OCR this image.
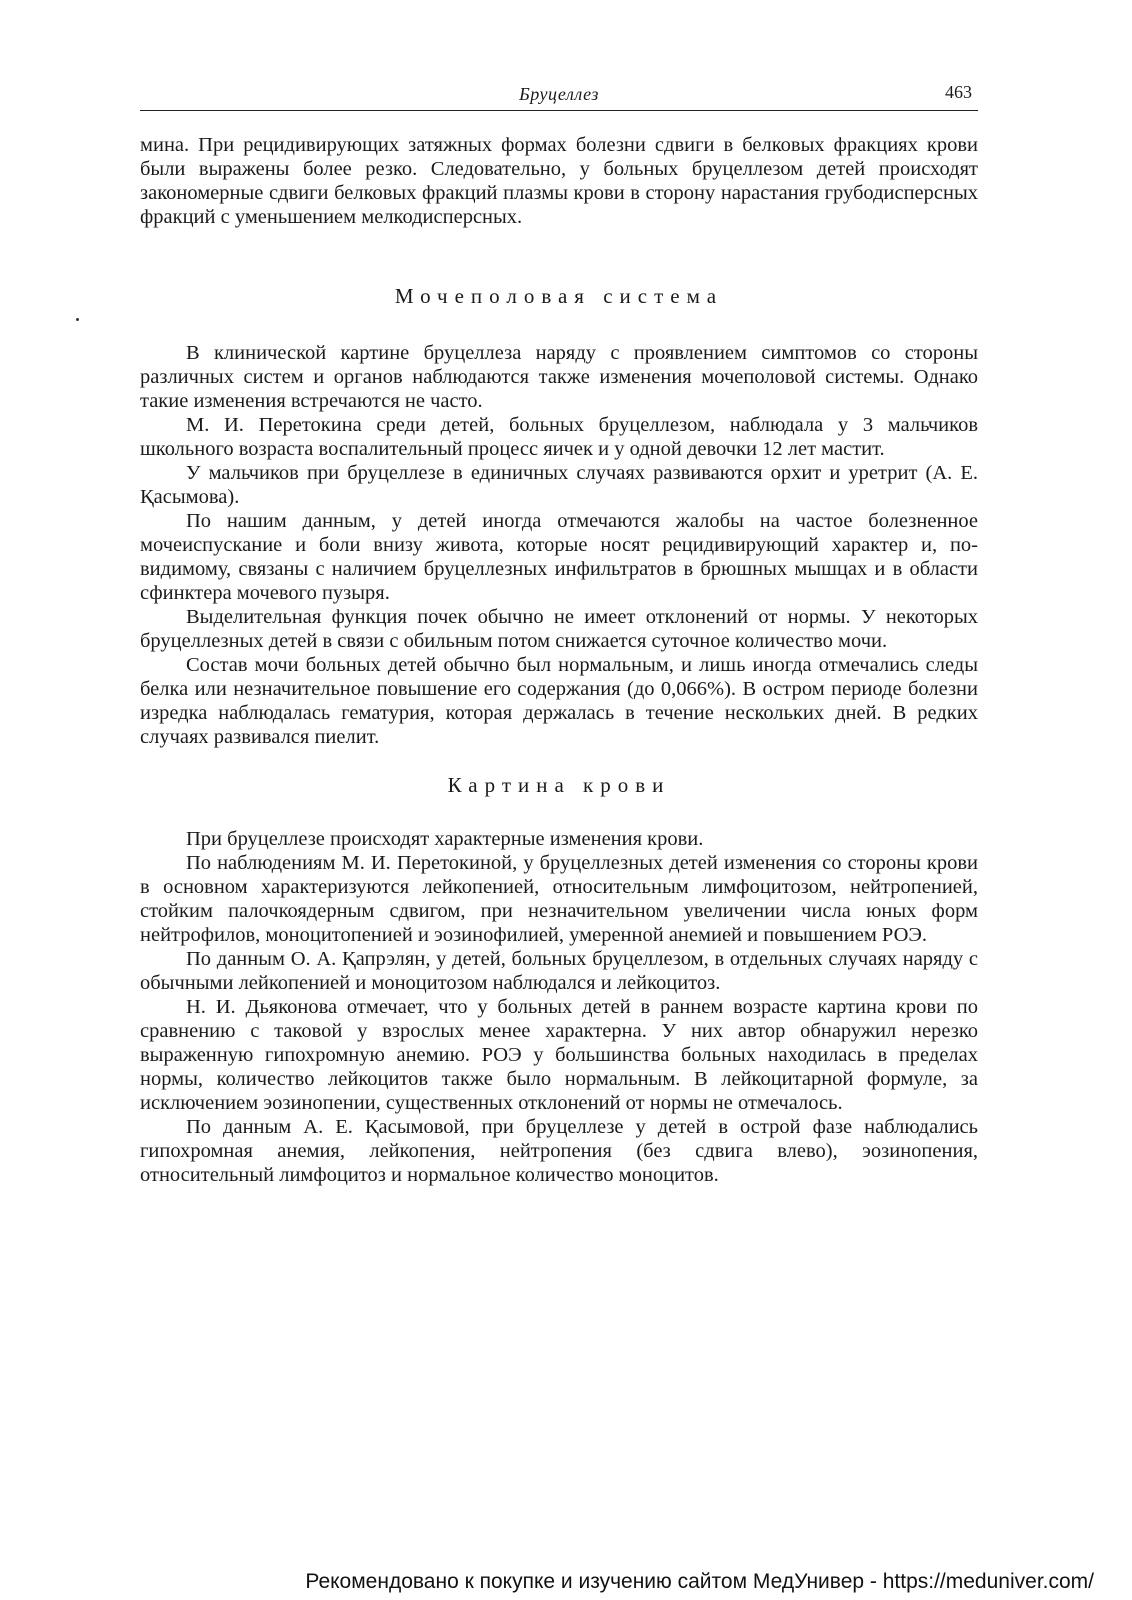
Бруцеллез	463

мина. При рецидивирующих затяжных формах болезни сдвиги в белковых фракциях крови были выражены более резко. Следовательно, у больных бруцеллезом детей происходят закономерные сдвиги белковых фракций плазмы крови в сторону нарастания грубодисперсных фракций с уменьшением мелкодисперсных.

Мочеполовая система

В клинической картине бруцеллеза наряду с проявлением симптомов со стороны различных систем и органов наблюдаются также изменения мочеполовой системы. Однако такие изменения встречаются не часто.

М. И. Перетокина среди детей, больных бруцеллезом, наблюдала у 3 мальчиков школьного возраста воспалительный процесс яичек и у одной девочки 12 лет мастит.

У мальчиков при бруцеллезе в единичных случаях развиваются орхит и уретрит (А. Е. Қасымова).

По нашим данным, у детей иногда отмечаются жалобы на частое болезненное мочеиспускание и боли внизу живота, которые носят рецидивирующий характер и, по-видимому, связаны с наличием бруцеллезных инфильтратов в брюшных мышцах и в области сфинктера мочевого пузыря.

Выделительная функция почек обычно не имеет отклонений от нормы. У некоторых бруцеллезных детей в связи с обильным потом снижается суточное количество мочи.

Состав мочи больных детей обычно был нормальным, и лишь иногда отмечались следы белка или незначительное повышение его содержания (до 0,066%). В остром периоде болезни изредка наблюдалась гематурия, которая держалась в течение нескольких дней. В редких случаях развивался пиелит.

Картина крови

При бруцеллезе происходят характерные изменения крови.

По наблюдениям М. И. Перетокиной, у бруцеллезных детей изменения со стороны крови в основном характеризуются лейкопенией, относительным лимфоцитозом, нейтропенией, стойким палочкоядерным сдвигом, при незначительном увеличении числа юных форм нейтрофилов, моноцитопенией и эозинофилией, умеренной анемией и повышением РОЭ.

По данным О. А. Қапрэлян, у детей, больных бруцеллезом, в отдельных случаях наряду с обычными лейкопенией и моноцитозом наблюдался и лейкоцитоз.

Н. И. Дьяконова отмечает, что у больных детей в раннем возрасте картина крови по сравнению с таковой у взрослых менее характерна. У них автор обнаружил нерезко выраженную гипохромную анемию. РОЭ у большинства больных находилась в пределах нормы, количество лейкоцитов также было нормальным. В лейкоцитарной формуле, за исключением эозинопении, существенных отклонений от нормы не отмечалось.

По данным А. Е. Қасымовой, при бруцеллезе у детей в острой фазе наблюдались гипохромная анемия, лейкопения, нейтропения (без сдвига влево), эозинопения, относительный лимфоцитоз и нормальное количество моноцитов.

Рекомендовано к покупке и изучению сайтом МедУнивер - https://meduniver.com/
